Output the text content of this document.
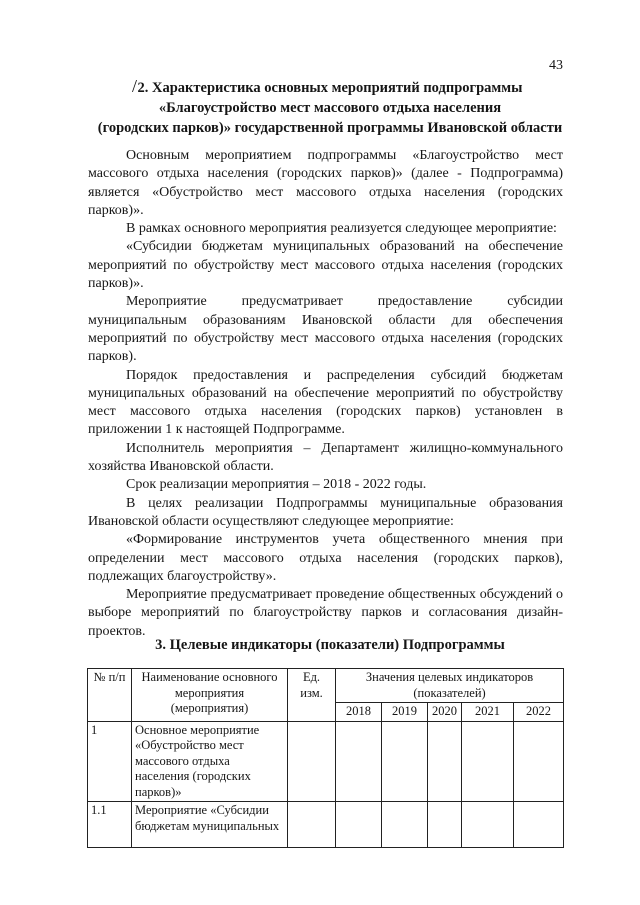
43
/ 2. Характеристика основных мероприятий подпрограммы
«Благоустройство мест массового отдыха населения
(городских парков)» государственной программы Ивановской области

Основным мероприятием подпрограммы «Благоустройство мест массового отдыха населения (городских парков)» (далее - Подпрограмма) является «Обустройство мест массового отдыха населения (городских парков)».

В рамках основного мероприятия реализуется следующее мероприятие:

«Субсидии бюджетам муниципальных образований на обеспечение мероприятий по обустройству мест массового отдыха населения (городских парков)».

Мероприятие предусматривает предоставление субсидии муниципальным образованиям Ивановской области для обеспечения мероприятий по обустройству мест массового отдыха населения (городских парков).

Порядок предоставления и распределения субсидий бюджетам муниципальных образований на обеспечение мероприятий по обустройству мест массового отдыха населения (городских парков) установлен в приложении 1 к настоящей Подпрограмме.

Исполнитель мероприятия – Департамент жилищно-коммунального хозяйства Ивановской области.

Срок реализации мероприятия – 2018 - 2022 годы.

В целях реализации Подпрограммы муниципальные образования Ивановской области осуществляют следующее мероприятие:

«Формирование инструментов учета общественного мнения при определении мест массового отдыха населения (городских парков), подлежащих благоустройству».

Мероприятие предусматривает проведение общественных обсуждений о выборе мероприятий по благоустройству парков и согласования дизайн-проектов.

3. Целевые индикаторы (показатели) Подпрограммы
№ п/п	Наименование основного мероприятия (мероприятия)	Ед. изм.	Значения целевых индикаторов (показателей)				
			2018	2019	2020	2021	2022
1	Основное мероприятие «Обустройство мест массового отдыха населения (городских парков)»						
1.1	Мероприятие «Субсидии бюджетам муниципальных						
